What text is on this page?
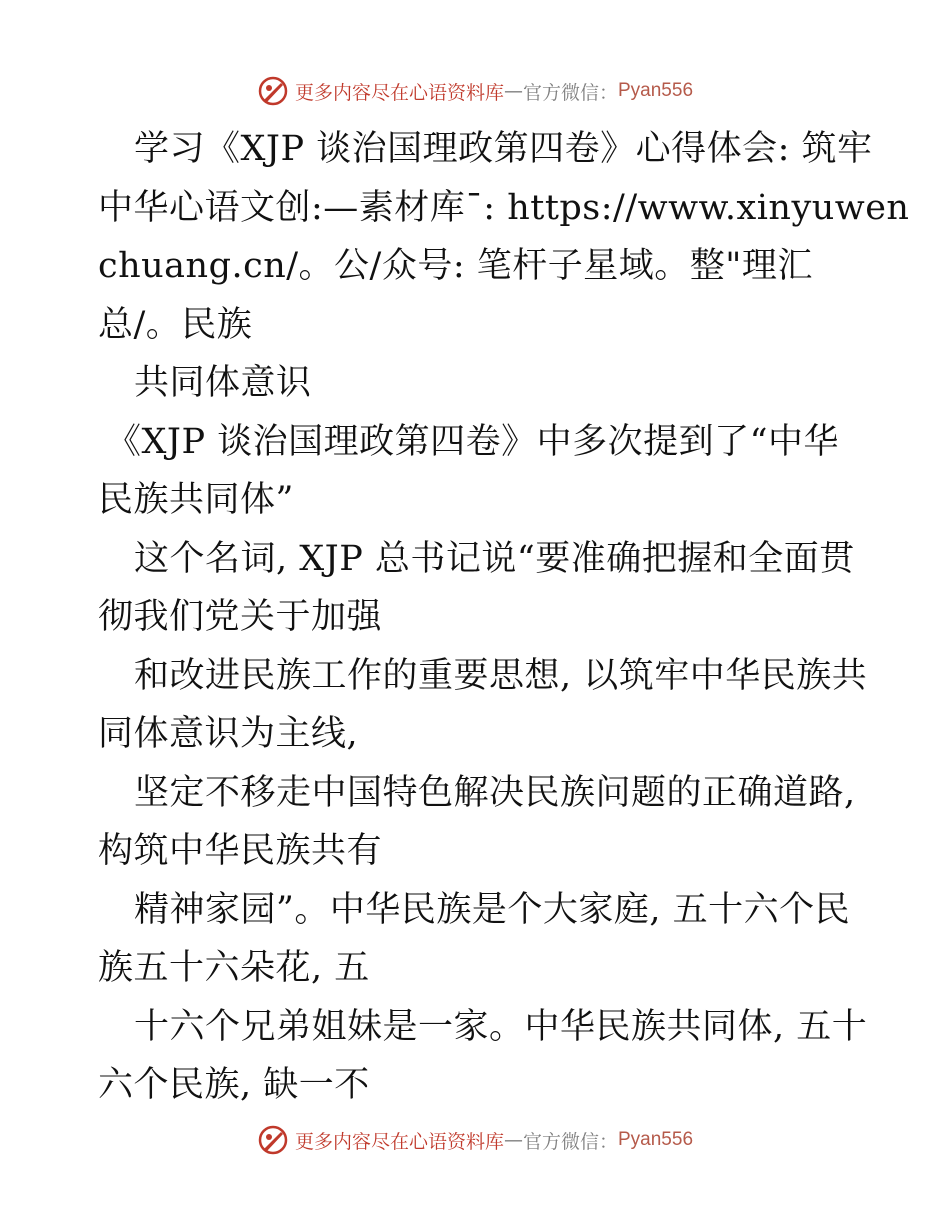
更多内容尽在心语资料库 — 官方微信： Pyan556
学习《XJP 谈治国理政第四卷》心得体会: 筑牢
中华心语文创:—素材库¯: https://www.xinyuwen
chuang.cn/。公/众号: 笔杆子星域。整"理汇
总/。民族
共同体意识
《XJP 谈治国理政第四卷》中多次提到了“中华
民族共同体”
这个名词, XJP 总书记说“要准确把握和全面贯
彻我们党关于加强
和改进民族工作的重要思想, 以筑牢中华民族共
同体意识为主线,
坚定不移走中国特色解决民族问题的正确道路,
构筑中华民族共有
精神家园”。中华民族是个大家庭, 五十六个民
族五十六朵花, 五
十六个兄弟姐妹是一家。中华民族共同体, 五十
六个民族, 缺一不
更多内容尽在心语资料库 — 官方微信： Pyan556
